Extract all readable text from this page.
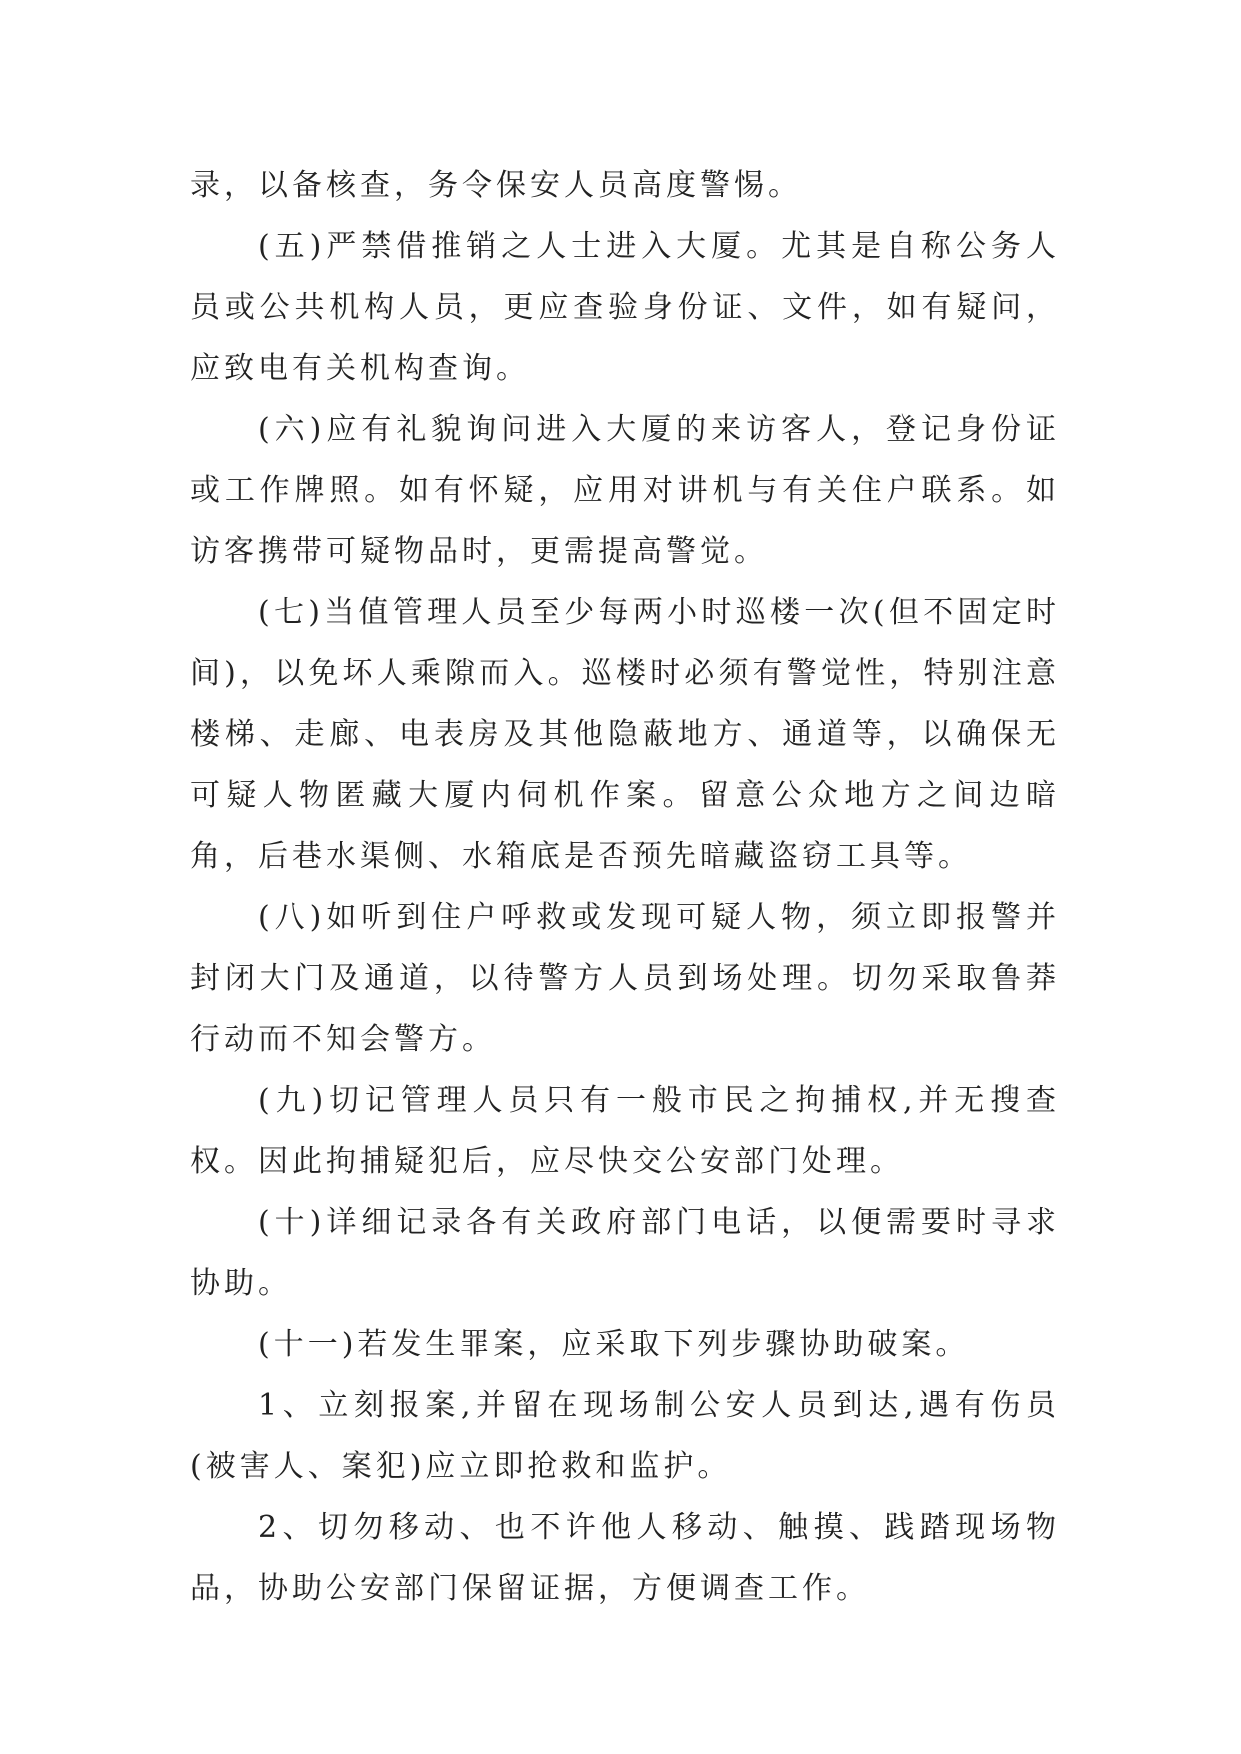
录，以备核查，务令保安人员高度警惕。

(五)严禁借推销之人士进入大厦。尤其是自称公务人员或公共机构人员，更应查验身份证、文件，如有疑问，应致电有关机构查询。

(六)应有礼貌询问进入大厦的来访客人，登记身份证或工作牌照。如有怀疑，应用对讲机与有关住户联系。如访客携带可疑物品时，更需提高警觉。

(七)当值管理人员至少每两小时巡楼一次(但不固定时间)，以免坏人乘隙而入。巡楼时必须有警觉性，特别注意楼梯、走廊、电表房及其他隐蔽地方、通道等，以确保无可疑人物匿藏大厦内伺机作案。留意公众地方之间边暗角，后巷水渠侧、水箱底是否预先暗藏盗窃工具等。

(八)如听到住户呼救或发现可疑人物，须立即报警并封闭大门及通道，以待警方人员到场处理。切勿采取鲁莽行动而不知会警方。

(九)切记管理人员只有一般市民之拘捕权,并无搜查权。因此拘捕疑犯后，应尽快交公安部门处理。

(十)详细记录各有关政府部门电话，以便需要时寻求协助。

(十一)若发生罪案，应采取下列步骤协助破案。

1、立刻报案,并留在现场制公安人员到达,遇有伤员(被害人、案犯)应立即抢救和监护。

2、切勿移动、也不许他人移动、触摸、践踏现场物品，协助公安部门保留证据，方便调查工作。
